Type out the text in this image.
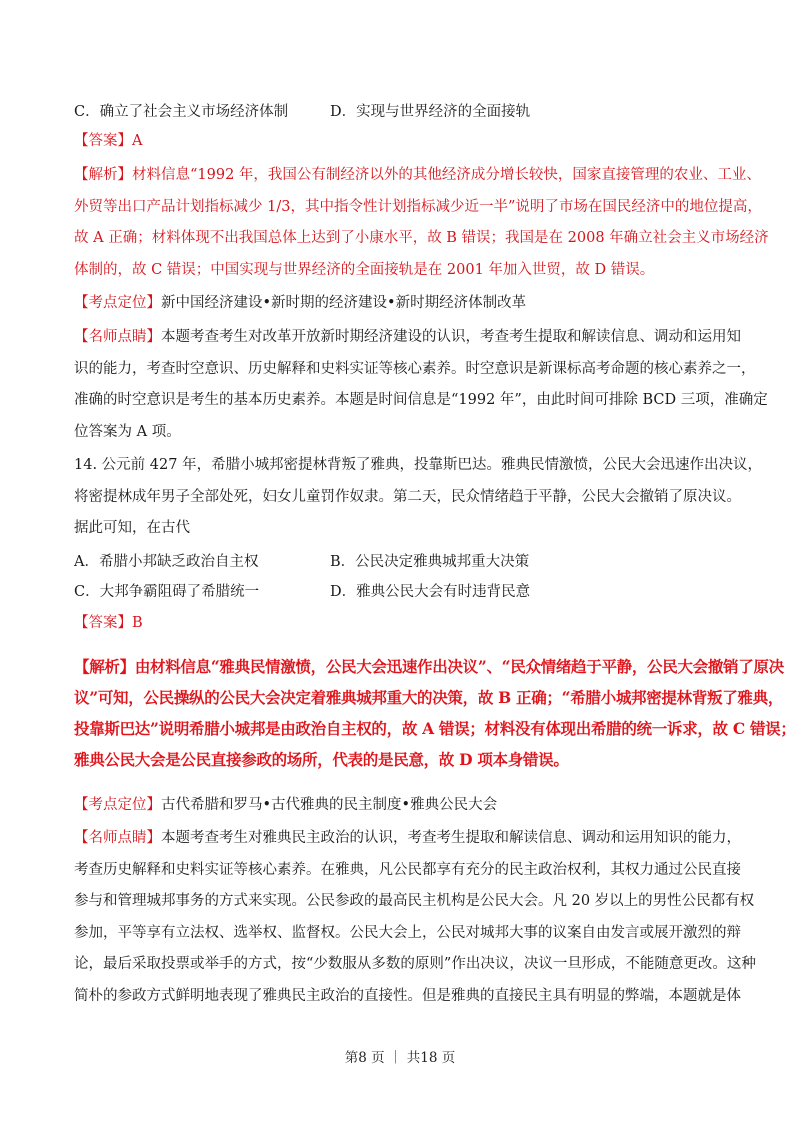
C．确立了社会主义市场经济体制	D．实现与世界经济的全面接轨
【答案】A
【解析】材料信息“1992 年，我国公有制经济以外的其他经济成分增长较快，国家直接管理的农业、工业、
外贸等出口产品计划指标减少 1/3，其中指令性计划指标减少近一半”说明了市场在国民经济中的地位提高，
故 A 正确；材料体现不出我国总体上达到了小康水平，故 B 错误；我国是在 2008 年确立社会主义市场经济
体制的，故 C 错误；中国实现与世界经济的全面接轨是在 2001 年加入世贸，故 D 错误。
【考点定位】新中国经济建设•新时期的经济建设•新时期经济体制改革
【名师点睛】本题考查考生对改革开放新时期经济建设的认识，考查考生提取和解读信息、调动和运用知
识的能力，考查时空意识、历史解释和史料实证等核心素养。时空意识是新课标高考命题的核心素养之一，
准确的时空意识是考生的基本历史素养。本题是时间信息是“1992 年”，由此时间可排除 BCD 三项，准确定
位答案为 A 项。
14. 公元前 427 年，希腊小城邦密提林背叛了雅典，投靠斯巴达。雅典民情激愤，公民大会迅速作出决议，
将密提林成年男子全部处死，妇女儿童罚作奴隶。第二天，民众情绪趋于平静，公民大会撤销了原决议。
据此可知，在古代
A．希腊小邦缺乏政治自主权	B．公民决定雅典城邦重大决策
C．大邦争霸阻碍了希腊统一	D．雅典公民大会有时违背民意
【答案】B
【解析】由材料信息“雅典民情激愤，公民大会迅速作出决议”、“民众情绪趋于平静，公民大会撤销了原决
议”可知，公民操纵的公民大会决定着雅典城邦重大的决策，故 B 正确；“希腊小城邦密提林背叛了雅典，
投靠斯巴达”说明希腊小城邦是由政治自主权的，故 A 错误；材料没有体现出希腊的统一诉求，故 C 错误；
雅典公民大会是公民直接参政的场所，代表的是民意，故 D 项本身错误。	⠀
【考点定位】古代希腊和罗马•古代雅典的民主制度•雅典公民大会
【名师点睛】本题考查考生对雅典民主政治的认识，考查考生提取和解读信息、调动和运用知识的能力，
考查历史解释和史料实证等核心素养。在雅典，凡公民都享有充分的民主政治权利，其权力通过公民直接
参与和管理城邦事务的方式来实现。公民参政的最高民主机构是公民大会。凡 20 岁以上的男性公民都有权
参加，平等享有立法权、选举权、监督权。公民大会上，公民对城邦大事的议案自由发言或展开激烈的辩
论，最后采取投票或举手的方式，按“少数服从多数的原则”作出决议，决议一旦形成，不能随意更改。这种
简朴的参政方式鲜明地表现了雅典民主政治的直接性。但是雅典的直接民主具有明显的弊端，本题就是体
第8 页 ｜ 共18 页
